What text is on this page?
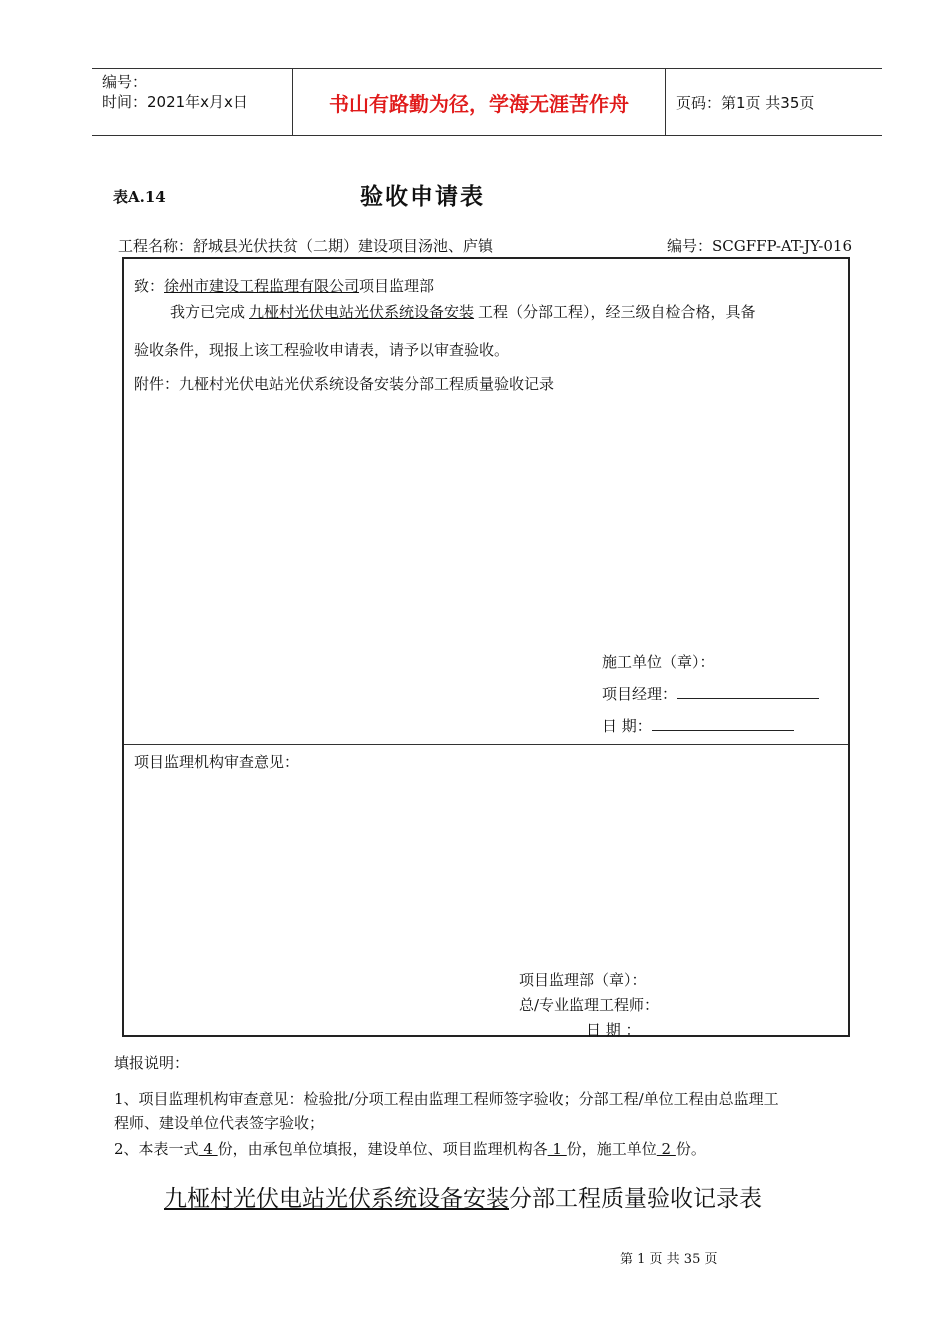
编号：
时间：2021年x月x日	书山有路勤为径，学海无涯苦作舟	页码：第1页 共35页
表A.14	验收申请表
工程名称：舒城县光伏扶贫（二期）建设项目汤池、庐镇	编号：SCGFFP-AT-JY-016
致：徐州市建设工程监理有限公司项目监理部
我方已完成 九桠村光伏电站光伏系统设备安装 工程（分部工程），经三级自检合格，具备
验收条件，现报上该工程验收申请表，请予以审查验收。
附件：九桠村光伏电站光伏系统设备安装分部工程质量验收记录
施工单位（章）：
项目经理：
日 期：
项目监理机构审查意见：
项目监理部（章）：
总/专业监理工程师：
日 期 ：
填报说明：
1、项目监理机构审查意见：检验批/分项工程由监理工程师签字验收；分部工程/单位工程由总监理工
程师、建设单位代表签字验收；
2、本表一式 4 份，由承包单位填报，建设单位、项目监理机构各 1 份，施工单位 2 份。
九桠村光伏电站光伏系统设备安装分部工程质量验收记录表
第 1 页 共 35 页
